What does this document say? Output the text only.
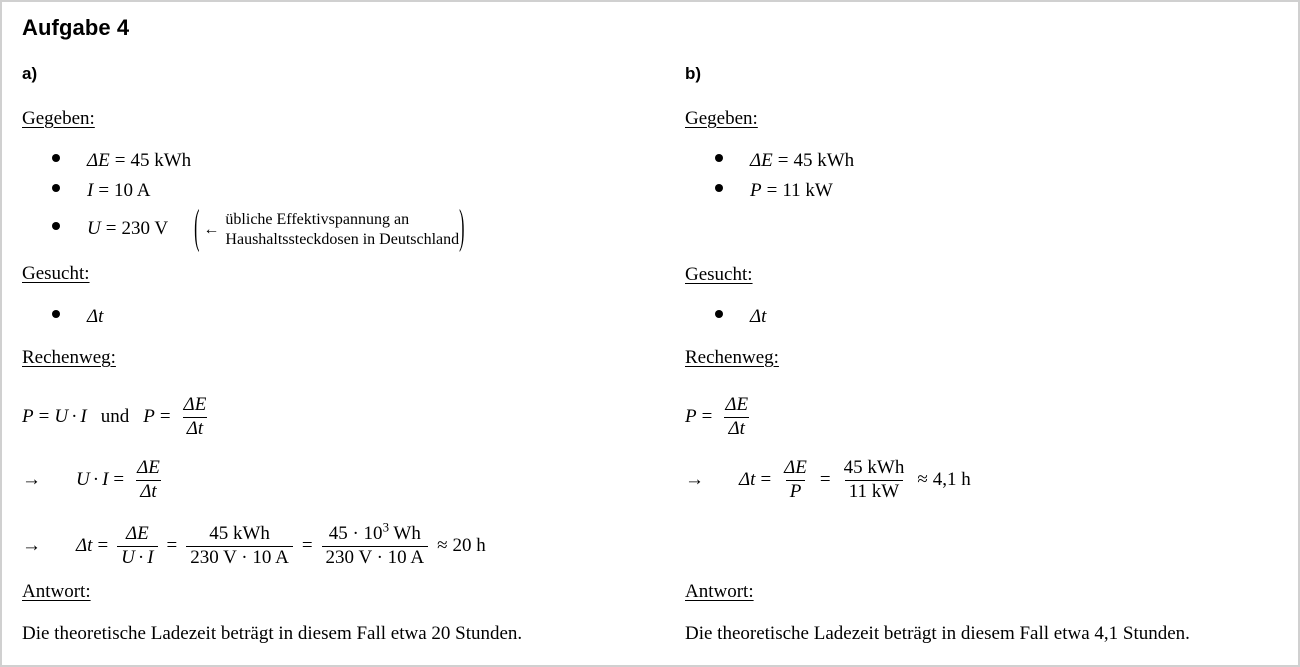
Aufgabe 4
a)
Gegeben:
ΔE = 45 kWh
I = 10 A
U = 230 V ( ←
übliche Effektivspannung an
Haushaltssteckdosen in Deutschland )
Gesucht:
Δt
Rechenweg:
P = U · I und $P = \frac{\Delta E}{\Delta t}$
→	$U \cdot I = \frac{\Delta E}{\Delta t}$
→	$\Delta t = \frac{\Delta E}{U \cdot I} = \frac{\text{45 kWh}}{230 V \cdot 10 A} = \frac{45 \cdot 10^3 Wh}{230 V \cdot 10 A} \approx 20$ h
Antwort:
Die theoretische Ladezeit beträgt in diesem Fall etwa 20 Stunden.
b)
Gegeben:
ΔE = 45 kWh
P = 11 kW
Gesucht:
Δt
Rechenweg:
$P = \frac{\Delta E}{\Delta t}$
→	$\Delta t = \frac{\Delta E}{P} = \frac{\text{45 kWh}}{11 kW} \approx 4,1$ h
Antwort:
Die theoretische Ladezeit beträgt in diesem Fall etwa 4,1 Stunden.
